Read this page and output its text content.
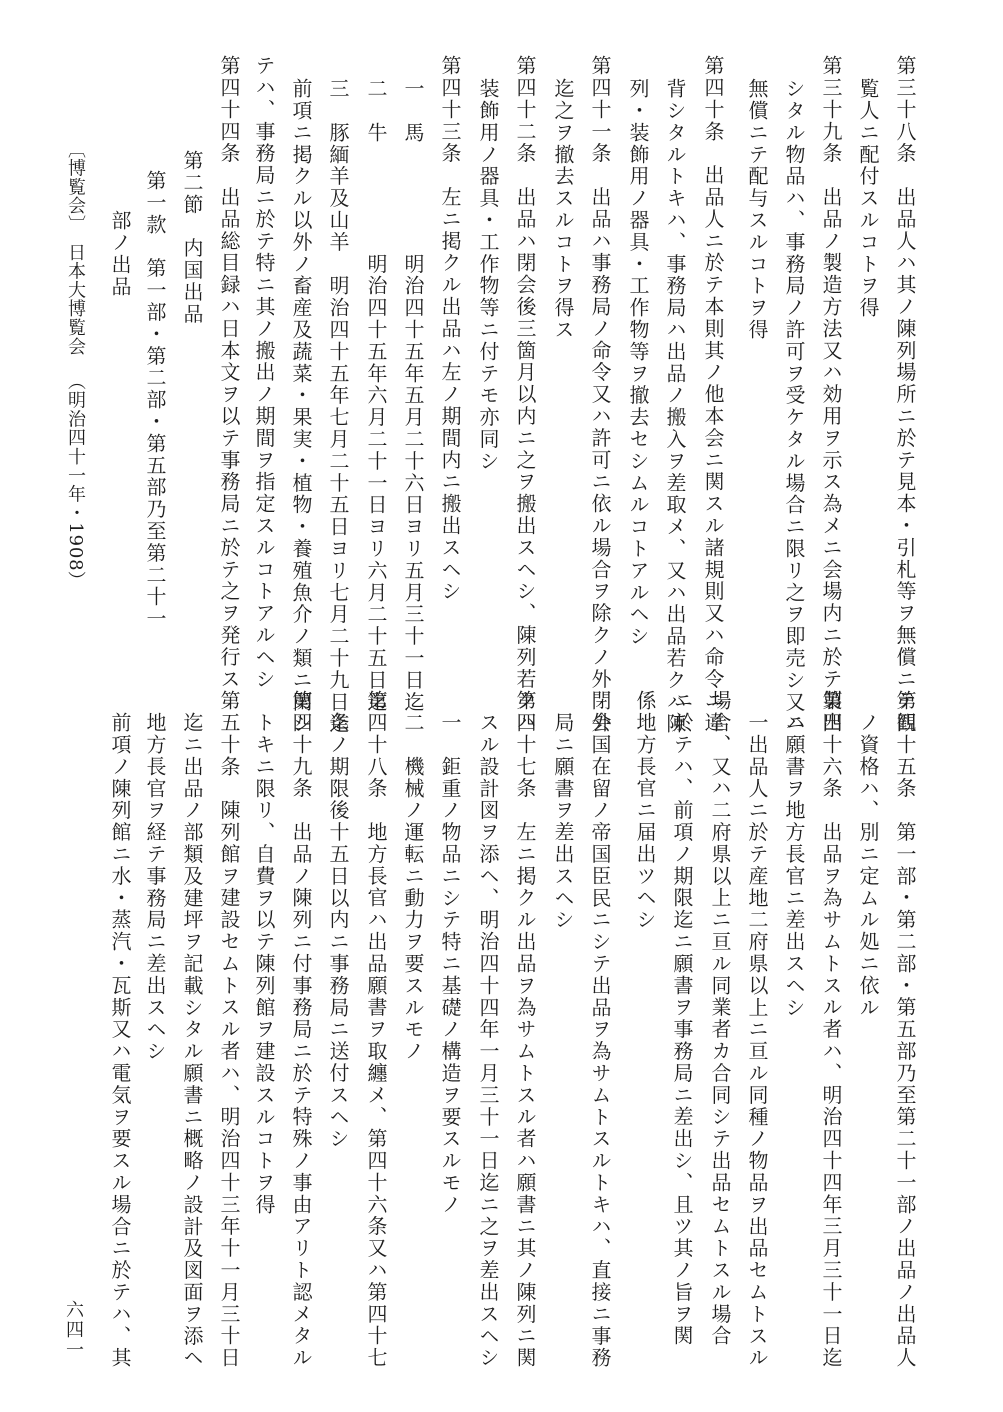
第三十八条　出品人ハ其ノ陳列場所ニ於テ見本・引札等ヲ無償ニテ観
覧人ニ配付スルコトヲ得
第三十九条　出品ノ製造方法又ハ効用ヲ示ス為メニ会場内ニ於テ製出
シタル物品ハ、事務局ノ許可ヲ受ケタル場合ニ限リ之ヲ即売シ又ハ
無償ニテ配与スルコトヲ得
第四十条　出品人ニ於テ本則其ノ他本会ニ関スル諸規則又ハ命令ニ違
背シタルトキハ、事務局ハ出品ノ搬入ヲ差取メ、又ハ出品若クハ陳
列・装飾用ノ器具・工作物等ヲ撤去セシムルコトアルヘシ
第四十一条　出品ハ事務局ノ命令又ハ許可ニ依ル場合ヲ除クノ外閉会
迄之ヲ撤去スルコトヲ得ス
第四十二条　出品ハ閉会後三箇月以内ニ之ヲ搬出スヘシ、陳列若クハ
装飾用ノ器具・工作物等ニ付テモ亦同シ
第四十三条　左ニ掲クル出品ハ左ノ期間内ニ搬出スヘシ
一　馬　　　　　明治四十五年五月二十六日ヨリ五月三十一日迄
二　牛　　　　　明治四十五年六月二十一日ヨリ六月二十五日迄
三　豚緬羊及山羊　明治四十五年七月二十五日ヨリ七月二十九日迄
前項ニ掲クル以外ノ畜産及蔬菜・果実・植物・養殖魚介ノ類ニ関シ
テハ、事務局ニ於テ特ニ其ノ搬出ノ期間ヲ指定スルコトアルヘシ
第四十四条　出品総目録ハ日本文ヲ以テ事務局ニ於テ之ヲ発行ス
第二節　内国出品
第一款　第一部・第二部・第五部乃至第二十一
部ノ出品
〔博覧会〕
日本大博覧会
（明治四十一年・1908）
第四十五条　第一部・第二部・第五部乃至第二十一部ノ出品ノ出品人
ノ資格ハ、別ニ定ムル処ニ依ル
第四十六条　出品ヲ為サムトスル者ハ、明治四十四年三月三十一日迄
ニ願書ヲ地方長官ニ差出スヘシ
一出品人ニ於テ産地二府県以上ニ亘ル同種ノ物品ヲ出品セムトスル
場合、又ハ二府県以上ニ亘ル同業者カ合同シテ出品セムトスル場合
ニ於テハ、前項ノ期限迄ニ願書ヲ事務局ニ差出シ、且ツ其ノ旨ヲ関
係地方長官ニ届出ツヘシ
外国在留ノ帝国臣民ニシテ出品ヲ為サムトスルトキハ、直接ニ事務
局ニ願書ヲ差出スヘシ
第四十七条　左ニ掲クル出品ヲ為サムトスル者ハ願書ニ其ノ陳列ニ関
スル設計図ヲ添ヘ、明治四十四年一月三十一日迄ニ之ヲ差出スヘシ
一　鉅重ノ物品ニシテ特ニ基礎ノ構造ヲ要スルモノ
二　機械ノ運転ニ動力ヲ要スルモノ
第四十八条　地方長官ハ出品願書ヲ取纏メ、第四十六条又ハ第四十七
条ノ期限後十五日以内ニ事務局ニ送付スヘシ
第四十九条　出品ノ陳列ニ付事務局ニ於テ特殊ノ事由アリト認メタル
トキニ限リ、自費ヲ以テ陳列館ヲ建設スルコトヲ得
第五十条　陳列館ヲ建設セムトスル者ハ、明治四十三年十一月三十日
迄ニ出品ノ部類及建坪ヲ記載シタル願書ニ概略ノ設計及図面ヲ添ヘ
地方長官ヲ経テ事務局ニ差出スヘシ
前項ノ陳列館ニ水・蒸汽・瓦斯又ハ電気ヲ要スル場合ニ於テハ、其
六四一
